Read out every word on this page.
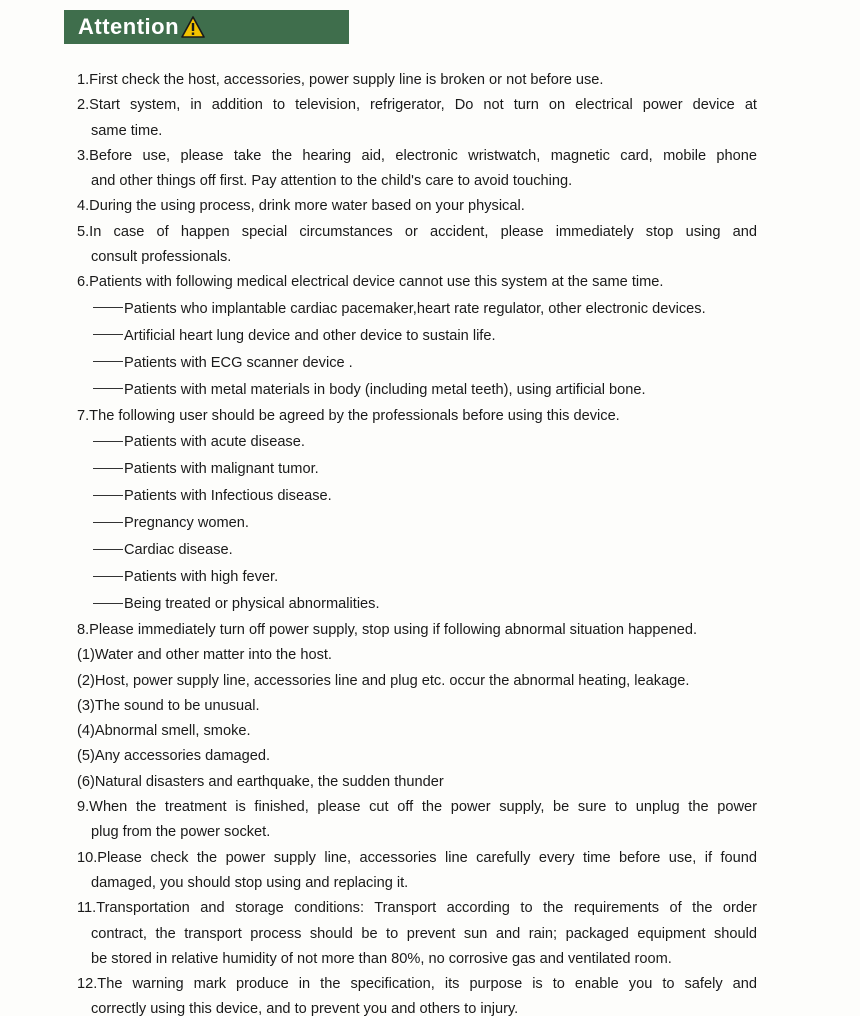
Attention
1.First check the host, accessories, power supply line is broken or not before use.
2.Start system, in addition to television, refrigerator, Do not turn on electrical power device at
same time.
3.Before use, please take the hearing aid, electronic wristwatch, magnetic card, mobile phone
and other things off first. Pay attention to the child's care to avoid touching.
4.During the using process, drink more water based on your physical.
5.In case of happen special circumstances or accident, please immediately stop using and
consult professionals.
6.Patients with following medical electrical device cannot use this system at the same time.
Patients who implantable cardiac pacemaker,heart rate regulator, other electronic devices.
Artificial heart lung device and other device to sustain life.
Patients with ECG scanner device .
Patients with metal materials in body (including metal teeth), using artificial bone.
7.The following user should be agreed by the professionals before using this device.
Patients with acute disease.
Patients with malignant tumor.
Patients with Infectious disease.
Pregnancy women.
Cardiac disease.
Patients with high fever.
Being treated or physical abnormalities.
8.Please immediately turn off power supply, stop using if following abnormal situation happened.
(1)Water and other matter into the host.
(2)Host, power supply line, accessories line and plug etc. occur the abnormal heating, leakage.
(3)The sound to be unusual.
(4)Abnormal smell, smoke.
(5)Any accessories damaged.
(6)Natural disasters and earthquake, the sudden thunder
9.When the treatment is finished, please cut off the power supply, be sure to unplug the power
plug from the power socket.
10.Please check the power supply line, accessories line carefully every time before use, if found
damaged, you should stop using and replacing it.
11.Transportation and storage conditions: Transport according to the requirements of the order
contract, the transport process should be to prevent sun and rain; packaged equipment should
be stored in relative humidity of not more than 80%, no corrosive gas and ventilated room.
12.The warning mark produce in the specification, its purpose is to enable you to safely and
correctly using this device, and to prevent you and others to injury.
